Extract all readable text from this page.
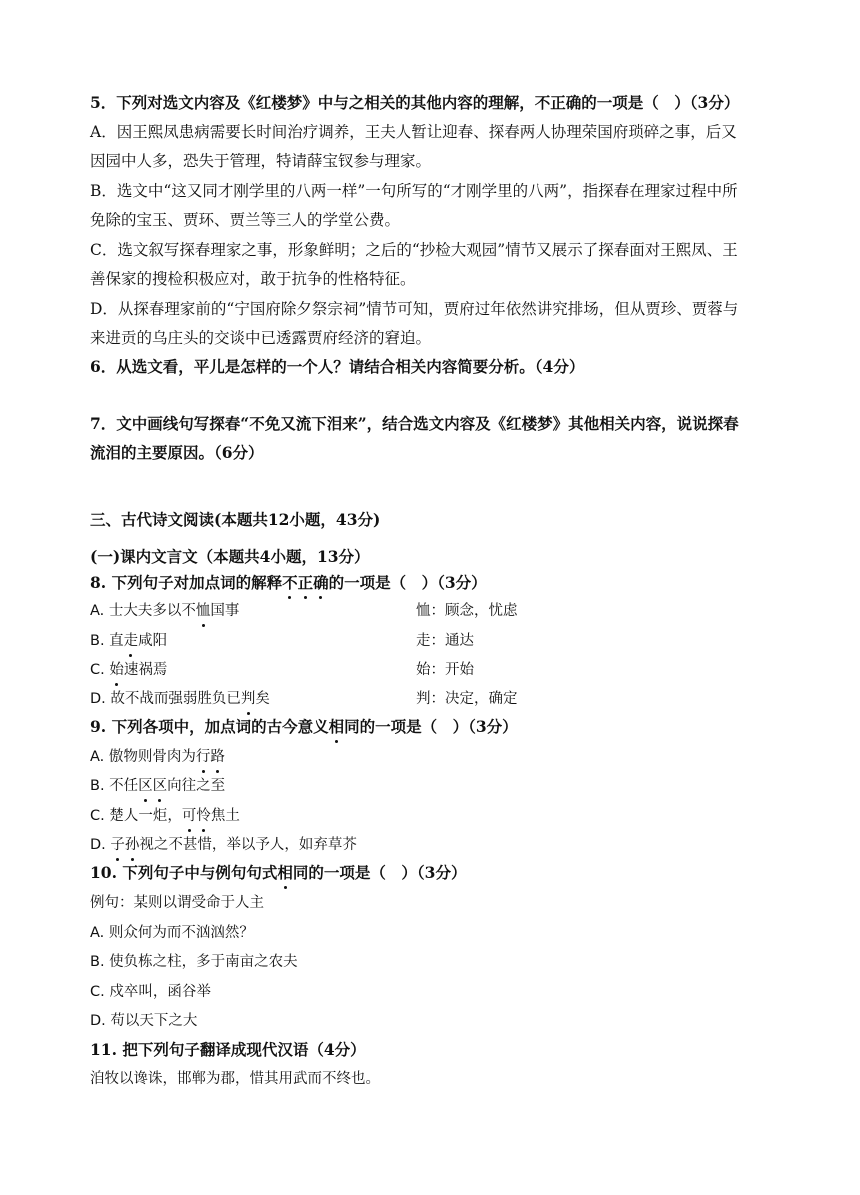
5．下列对选文内容及《红楼梦》中与之相关的其他内容的理解，不正确的一项是（　）（3分）
A．因王熙凤患病需要长时间治疗调养，王夫人暂让迎春、探春两人协理荣国府琐碎之事，后又
因园中人多，恐失于管理，特请薛宝钗参与理家。
B．选文中“这又同才刚学里的八两一样”一句所写的“才刚学里的八两”，指探春在理家过程中所
免除的宝玉、贾环、贾兰等三人的学堂公费。
C．选文叙写探春理家之事，形象鲜明；之后的“抄检大观园”情节又展示了探春面对王熙凤、王
善保家的搜检积极应对，敢于抗争的性格特征。
D．从探春理家前的“宁国府除夕祭宗祠”情节可知，贾府过年依然讲究排场，但从贾珍、贾蓉与
来进贡的乌庄头的交谈中已透露贾府经济的窘迫。
6．从选文看，平儿是怎样的一个人？请结合相关内容简要分析。（4分）
7．文中画线句写探春“不免又流下泪来”，结合选文内容及《红楼梦》其他相关内容，说说探春
流泪的主要原因。（6分）
三、古代诗文阅读(本题共12小题，43分)
(一)课内文言文（本题共4小题，13分）
8. 下列句子对加点词的解释不正确的一项是（　）（3分）
A. 士大夫多以不恤国事	恤：顾念，忧虑
B. 直走咸阳	走：通达
C. 始速祸焉	始：开始
D. 故不战而强弱胜负已判矣	判：决定，确定
9. 下列各项中，加点词的古今意义相同的一项是（　）（3分）
A. 傲物则骨肉为行路
B. 不任区区向往之至
C. 楚人一炬，可怜焦土
D. 子孙视之不甚惜，举以予人，如弃草芥
10. 下列句子中与例句句式相同的一项是（　）（3分）
例句：某则以谓受命于人主
A. 则众何为而不汹汹然？
B. 使负栋之柱，多于南亩之农夫
C. 戍卒叫，函谷举
D. 苟以天下之大
11. 把下列句子翻译成现代汉语（4分）
洎牧以谗诛，邯郸为郡，惜其用武而不终也。
